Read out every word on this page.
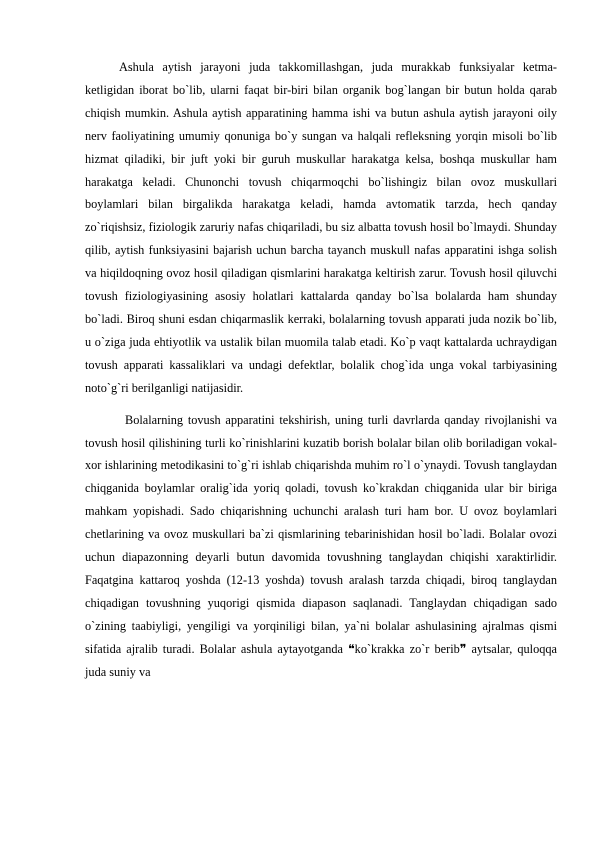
Ashula aytish jarayoni juda takkomillashgan, juda murakkab funksiyalar ketma-ketligidan iborat bo`lib, ularni faqat bir-biri bilan organik bog`langan bir butun holda qarab chiqish mumkin. Ashula aytish apparatining hamma ishi va butun ashula aytish jarayoni oily nerv faoliyatining umumiy qonuniga bo`y sungan va halqali refleksning yorqin misoli bo`lib hizmat qiladiki, bir juft yoki bir guruh muskullar harakatga kelsa, boshqa muskullar ham harakatga keladi. Chunonchi tovush chiqarmoqchi bo`lishingiz bilan ovoz muskullari boylamlari bilan birgalikda harakatga keladi, hamda avtomatik tarzda, hech qanday zo`riqishsiz, fiziologik zaruriy nafas chiqariladi, bu siz albatta tovush hosil bo`lmaydi. Shunday qilib, aytish funksiyasini bajarish uchun barcha tayanch muskull nafas apparatini ishga solish va hiqildoqning ovoz hosil qiladigan qismlarini harakatga keltirish zarur. Tovush hosil qiluvchi tovush fiziologiyasining asosiy holatlari kattalarda qanday bo`lsa bolalarda ham shunday bo`ladi. Biroq shuni esdan chiqarmaslik kerraki, bolalarning tovush apparati juda nozik bo`lib, u o`ziga juda ehtiyotlik va ustalik bilan muomila talab etadi. Ko`p vaqt kattalarda uchraydigan tovush apparati kassaliklari va undagi defektlar, bolalik chog`ida unga vokal tarbiyasining noto`g`ri berilganligi natijasidir.

Bolalarning tovush apparatini tekshirish, uning turli davrlarda qanday rivojlanishi va tovush hosil qilishining turli ko`rinishlarini kuzatib borish bolalar bilan olib boriladigan vokal-xor ishlarining metodikasini to`g`ri ishlab chiqarishda muhim ro`l o`ynaydi. Tovush tanglaydan chiqganida boylamlar oralig`ida yoriq qoladi, tovush ko`krakdan chiqganida ular bir biriga mahkam yopishadi. Sado chiqarishning uchunchi aralash turi ham bor. U ovoz boylamlari chetlarining va ovoz muskullari ba`zi qismlarining tebarinishidan hosil bo`ladi. Bolalar ovozi uchun diapazonning deyarli butun davomida tovushning tanglaydan chiqishi xaraktirlidir. Faqatgina kattaroq yoshda (12-13 yoshda) tovush aralash tarzda chiqadi, biroq tanglaydan chiqadigan tovushning yuqorigi qismida diapason saqlanadi. Tanglaydan chiqadigan sado o`zining taabiyligi, yengiligi va yorqiniligi bilan, ya`ni bolalar ashulasining ajralmas qismi sifatida ajralib turadi. Bolalar ashula aytayotganda ❝ko`krakka zo`r berib❞ aytsalar, quloqqa juda suniy va
